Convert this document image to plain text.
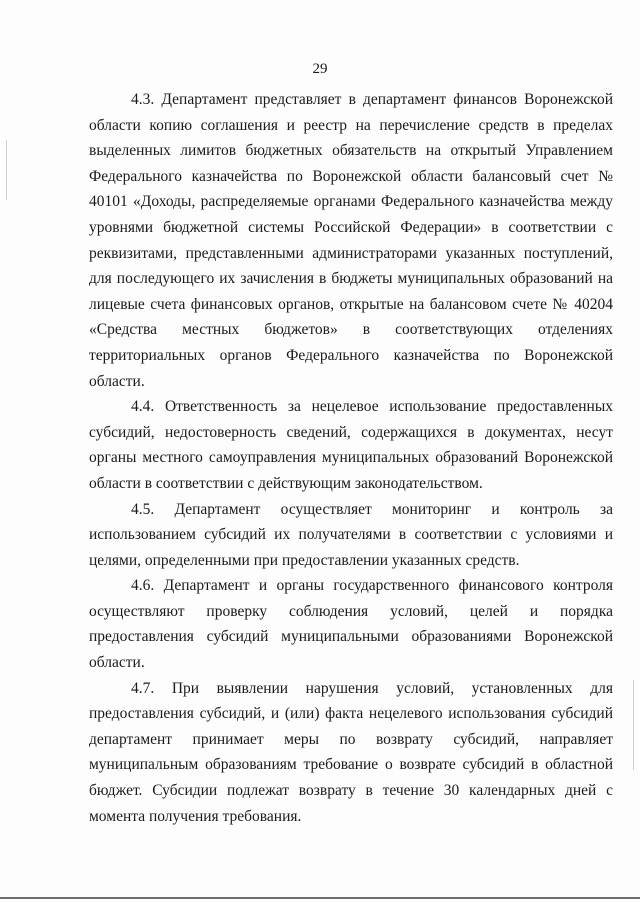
29

4.3. Департамент представляет в департамент финансов Воронежской области копию соглашения и реестр на перечисление средств в пределах выделенных лимитов бюджетных обязательств на открытый Управлением Федерального казначейства по Воронежской области балансовый счет № 40101 «Доходы, распределяемые органами Федерального казначейства между уровнями бюджетной системы Российской Федерации» в соответствии с реквизитами, представленными администраторами указанных поступлений, для последующего их зачисления в бюджеты муниципальных образований на лицевые счета финансовых органов, открытые на балансовом счете № 40204 «Средства местных бюджетов» в соответствующих отделениях территориальных органов Федерального казначейства по Воронежской области.

4.4. Ответственность за нецелевое использование предоставленных субсидий, недостоверность сведений, содержащихся в документах, несут органы местного самоуправления муниципальных образований Воронежской области в соответствии с действующим законодательством.

4.5. Департамент осуществляет мониторинг и контроль за использованием субсидий их получателями в соответствии с условиями и целями, определенными при предоставлении указанных средств.

4.6. Департамент и органы государственного финансового контроля осуществляют проверку соблюдения условий, целей и порядка предоставления субсидий муниципальными образованиями Воронежской области.

4.7. При выявлении нарушения условий, установленных для предоставления субсидий, и (или) факта нецелевого использования субсидий департамент принимает меры по возврату субсидий, направляет муниципальным образованиям требование о возврате субсидий в областной бюджет. Субсидии подлежат возврату в течение 30 календарных дней с момента получения требования.
